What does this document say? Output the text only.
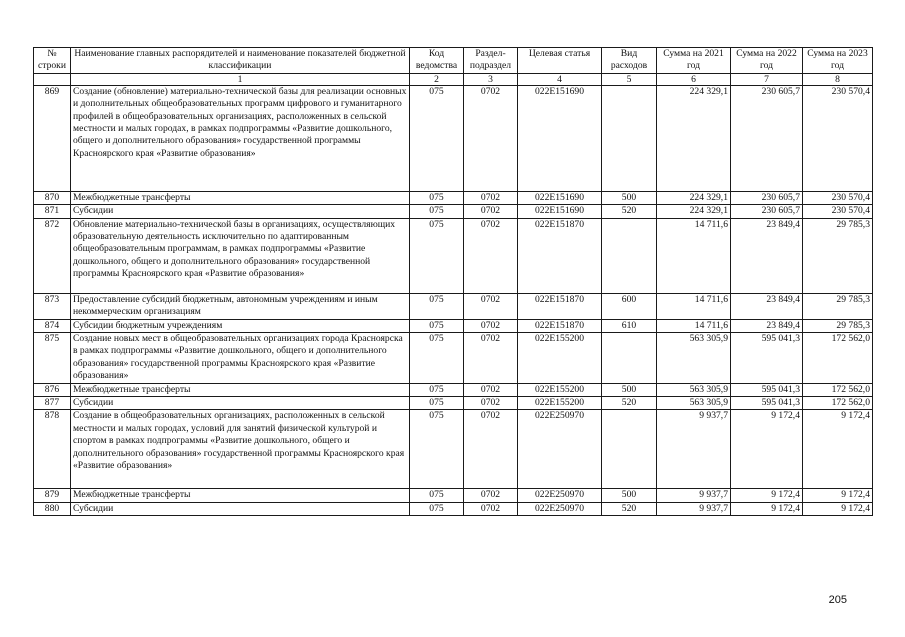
№ строки	Наименование главных распорядителей и наименование показателей бюджетной классификации	Код ведомства	Раздел-подраздел	Целевая статья	Вид расходов	Сумма на 2021 год	Сумма на 2022 год	Сумма на 2023 год
	1	2	3	4	5	6	7	8
869	Создание (обновление) материально-технической базы для реализации основных и дополнительных общеобразовательных программ цифрового и гуманитарного профилей в общеобразовательных организациях, расположенных в сельской местности и малых городах, в рамках подпрограммы «Развитие дошкольного, общего и дополнительного образования» государственной программы Красноярского края «Развитие образования»	075	0702	022E151690		224 329,1	230 605,7	230 570,4
870	Межбюджетные трансферты	075	0702	022E151690	500	224 329,1	230 605,7	230 570,4
871	Субсидии	075	0702	022E151690	520	224 329,1	230 605,7	230 570,4
872	Обновление материально-технической базы в организациях, осуществляющих образовательную деятельность исключительно по адаптированным общеобразовательным программам, в рамках подпрограммы «Развитие дошкольного, общего и дополнительного образования» государственной программы Красноярского края «Развитие образования»	075	0702	022E151870		14 711,6	23 849,4	29 785,3
873	Предоставление субсидий бюджетным, автономным учреждениям и иным некоммерческим организациям	075	0702	022E151870	600	14 711,6	23 849,4	29 785,3
874	Субсидии бюджетным учреждениям	075	0702	022E151870	610	14 711,6	23 849,4	29 785,3
875	Создание новых мест в общеобразовательных организациях города Красноярска в рамках подпрограммы «Развитие дошкольного, общего и дополнительного образования» государственной программы Красноярского края «Развитие образования»	075	0702	022E155200		563 305,9	595 041,3	172 562,0
876	Межбюджетные трансферты	075	0702	022E155200	500	563 305,9	595 041,3	172 562,0
877	Субсидии	075	0702	022E155200	520	563 305,9	595 041,3	172 562,0
878	Создание в общеобразовательных организациях, расположенных в сельской местности и малых городах, условий для занятий физической культурой и спортом в рамках подпрограммы «Развитие дошкольного, общего и дополнительного образования» государственной программы Красноярского края «Развитие образования»	075	0702	022E250970		9 937,7	9 172,4	9 172,4
879	Межбюджетные трансферты	075	0702	022E250970	500	9 937,7	9 172,4	9 172,4
880	Субсидии	075	0702	022E250970	520	9 937,7	9 172,4	9 172,4
205
